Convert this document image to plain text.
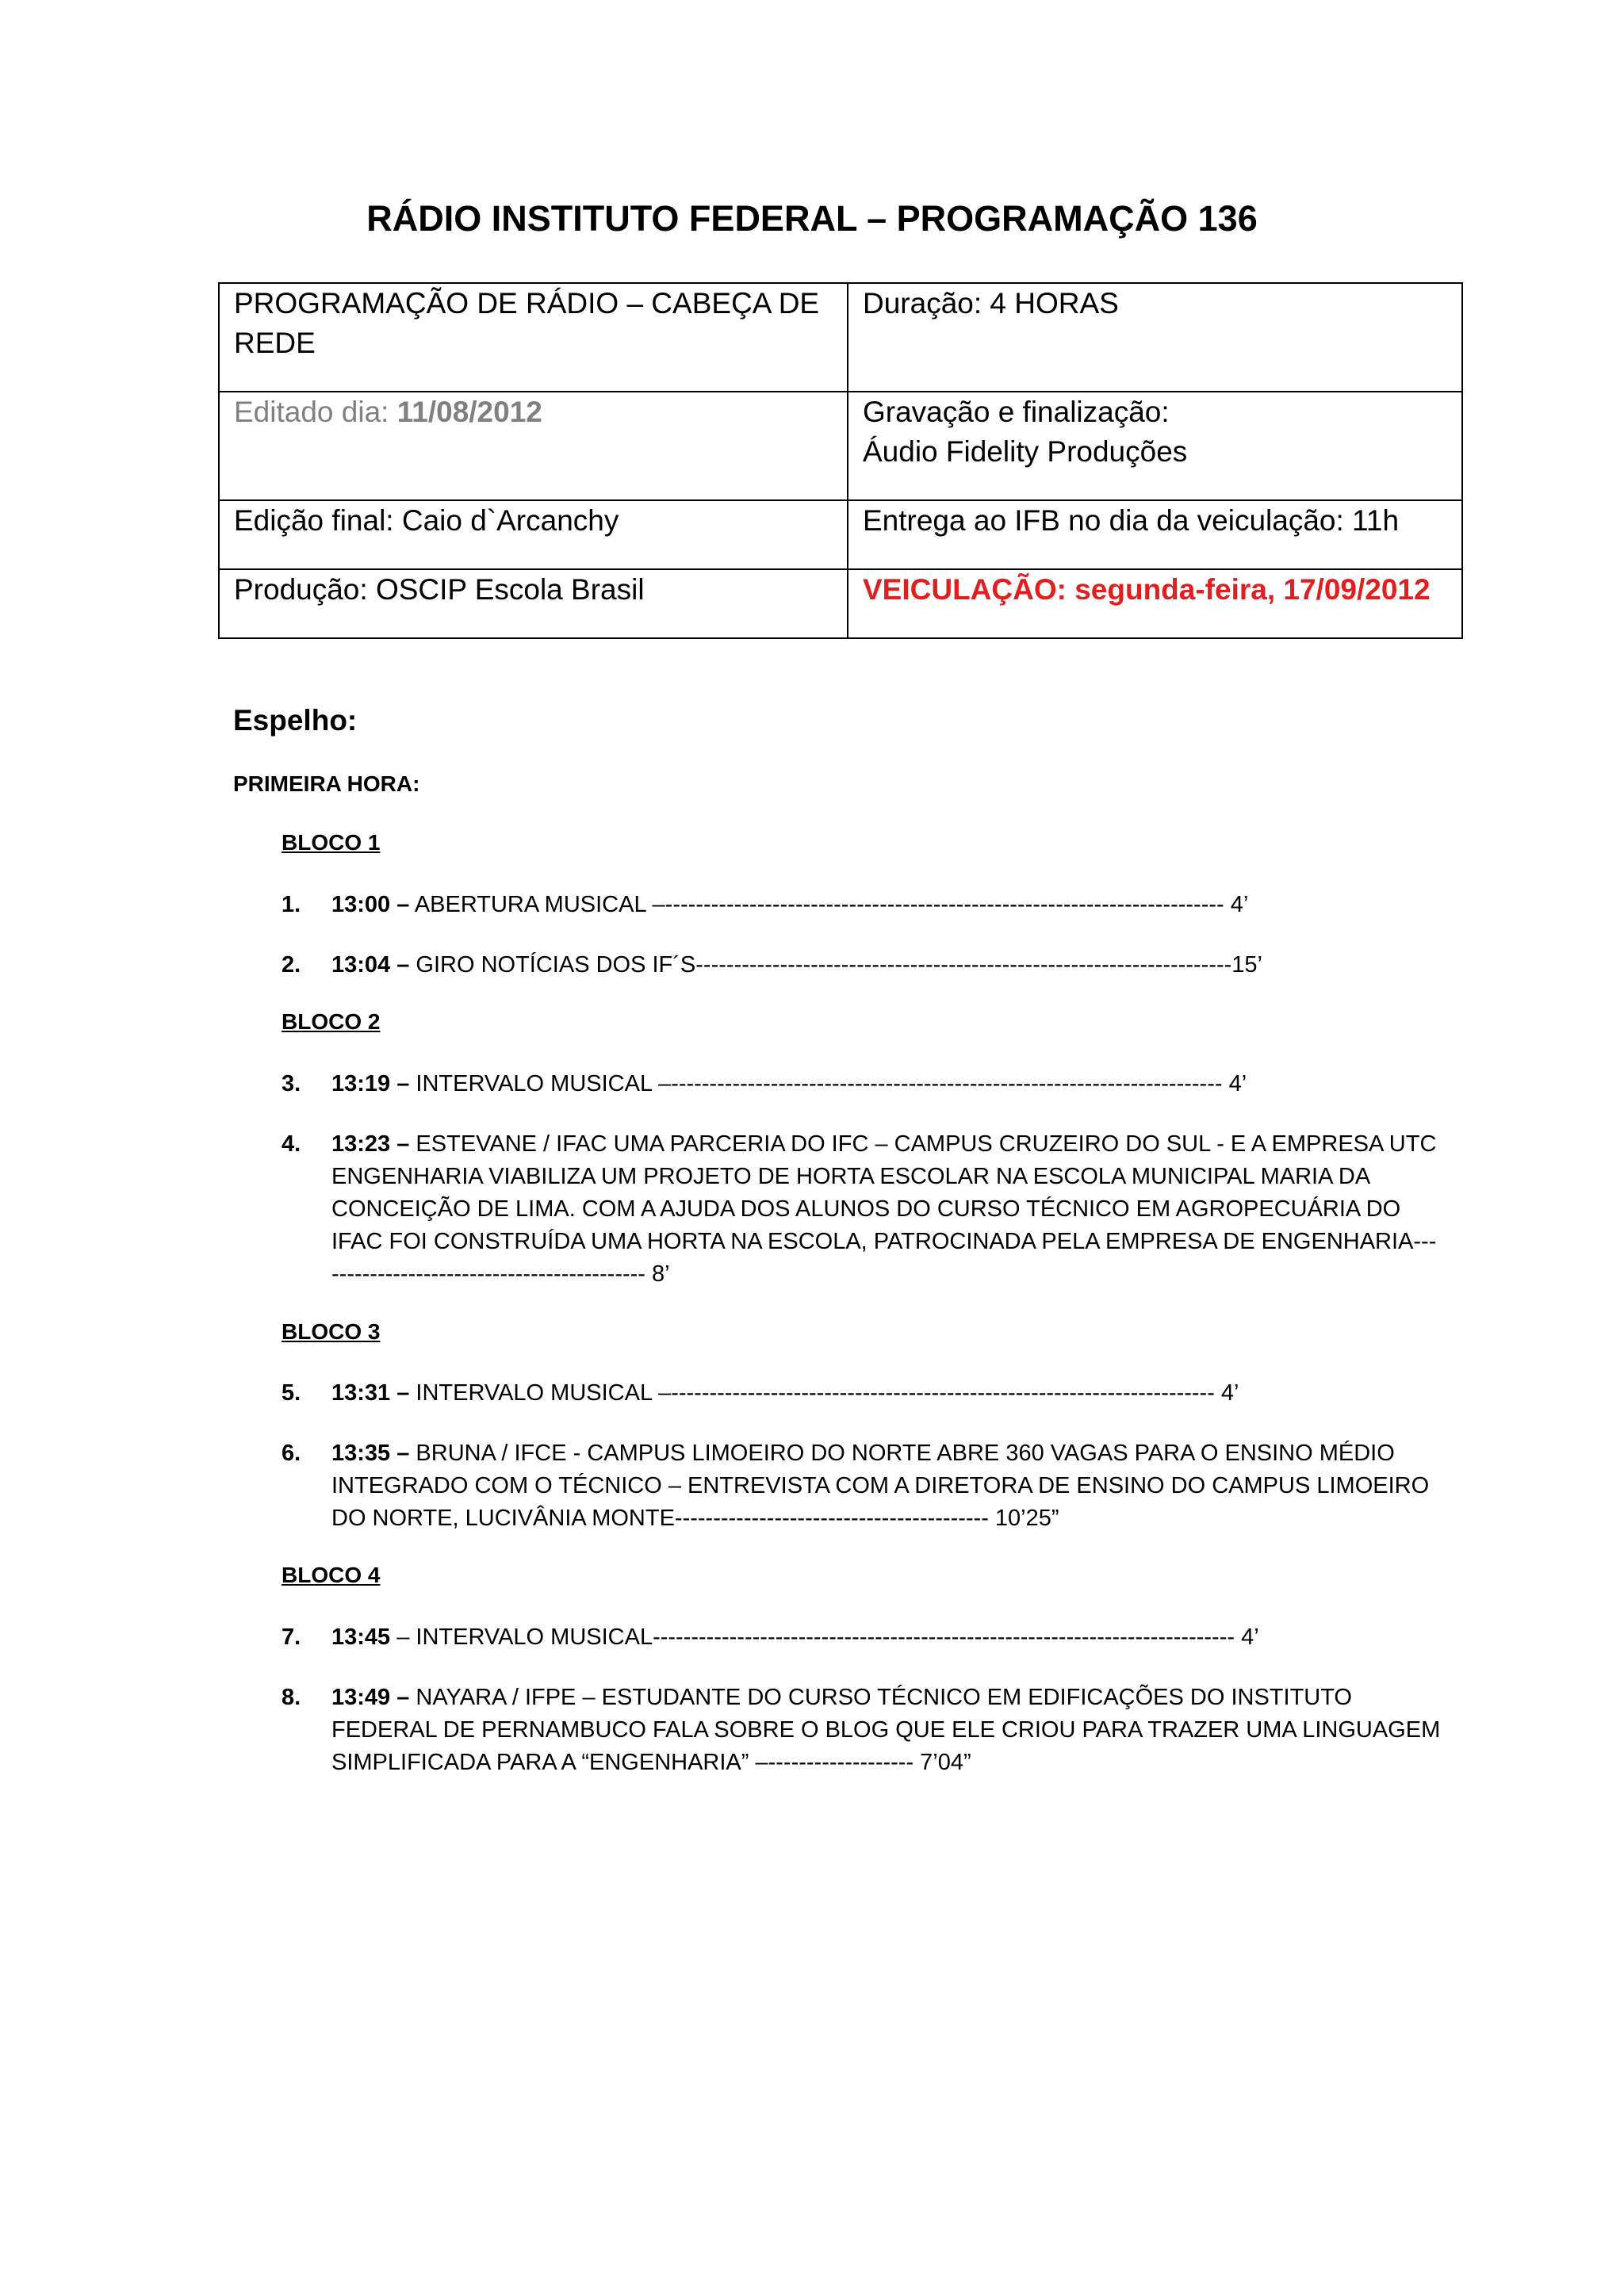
RÁDIO INSTITUTO FEDERAL – PROGRAMAÇÃO 136
PROGRAMAÇÃO DE RÁDIO – CABEÇA DE REDE	Duração: 4 HORAS
Editado dia: 11/08/2012	Gravação e finalização:
Áudio Fidelity Produções

Edição final: Caio d`Arcanchy	Entrega ao IFB no dia da veiculação: 11h
Produção: OSCIP Escola Brasil	VEICULAÇÃO: segunda-feira, 17/09/2012
Espelho:
PRIMEIRA HORA:
BLOCO 1
1. 13:00 – ABERTURA MUSICAL –------------------------------------------------------------------------- 4’
2. 13:04 – GIRO NOTÍCIAS DOS IF´S----------------------------------------------------------------------15’
BLOCO 2
3. 13:19 – INTERVALO MUSICAL –------------------------------------------------------------------------ 4’
4. 13:23 – ESTEVANE / IFAC UMA PARCERIA DO IFC – CAMPUS CRUZEIRO DO SUL - E A EMPRESA UTC ENGENHARIA VIABILIZA UM PROJETO DE HORTA ESCOLAR NA ESCOLA MUNICIPAL MARIA DA CONCEIÇÃO DE LIMA. COM A AJUDA DOS ALUNOS DO CURSO TÉCNICO EM AGROPECUÁRIA DO IFAC FOI CONSTRUÍDA UMA HORTA NA ESCOLA, PATROCINADA PELA EMPRESA DE ENGENHARIA-------------------------------------------- 8’
BLOCO 3
5. 13:31 – INTERVALO MUSICAL –----------------------------------------------------------------------- 4’
6. 13:35 – BRUNA / IFCE - CAMPUS LIMOEIRO DO NORTE ABRE 360 VAGAS PARA O ENSINO MÉDIO INTEGRADO COM O TÉCNICO – ENTREVISTA COM A DIRETORA DE ENSINO DO CAMPUS LIMOEIRO DO NORTE, LUCIVÂNIA MONTE----------------------------------------- 10’25”
BLOCO 4
7. 13:45 – INTERVALO MUSICAL---------------------------------------------------------------------------- 4’
8. 13:49 – NAYARA / IFPE – ESTUDANTE DO CURSO TÉCNICO EM EDIFICAÇÕES DO INSTITUTO FEDERAL DE PERNAMBUCO FALA SOBRE O BLOG QUE ELE CRIOU PARA TRAZER UMA LINGUAGEM SIMPLIFICADA PARA A “ENGENHARIA” –------------------- 7’04”
